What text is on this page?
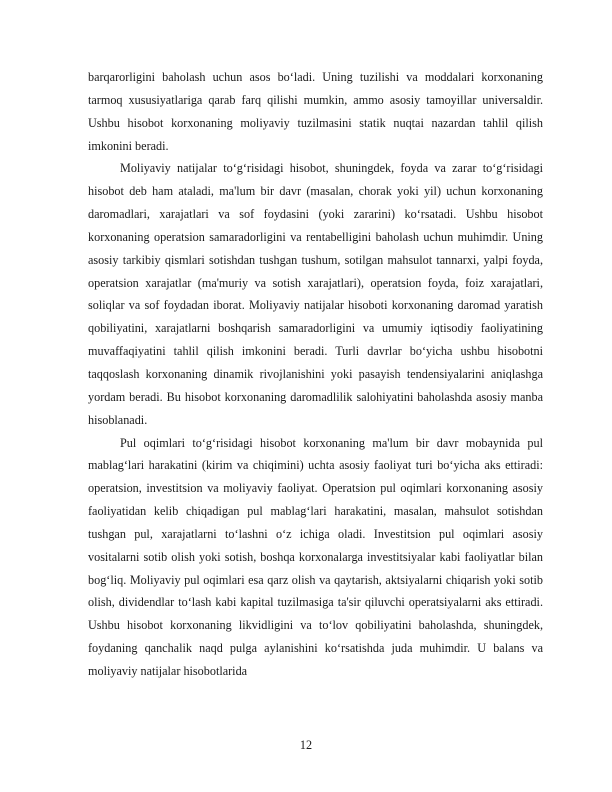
barqarorligini baholash uchun asos bo‘ladi. Uning tuzilishi va moddalari korxonaning tarmoq xususiyatlariga qarab farq qilishi mumkin, ammo asosiy tamoyillar universaldir. Ushbu hisobot korxonaning moliyaviy tuzilmasini statik nuqtai nazardan tahlil qilish imkonini beradi.

Moliyaviy natijalar to‘g‘risidagi hisobot, shuningdek, foyda va zarar to‘g‘risidagi hisobot deb ham ataladi, ma'lum bir davr (masalan, chorak yoki yil) uchun korxonaning daromadlari, xarajatlari va sof foydasini (yoki zararini) ko‘rsatadi. Ushbu hisobot korxonaning operatsion samaradorligini va rentabelligini baholash uchun muhimdir. Uning asosiy tarkibiy qismlari sotishdan tushgan tushum, sotilgan mahsulot tannarxi, yalpi foyda, operatsion xarajatlar (ma'muriy va sotish xarajatlari), operatsion foyda, foiz xarajatlari, soliqlar va sof foydadan iborat. Moliyaviy natijalar hisoboti korxonaning daromad yaratish qobiliyatini, xarajatlarni boshqarish samaradorligini va umumiy iqtisodiy faoliyatining muvaffaqiyatini tahlil qilish imkonini beradi. Turli davrlar bo‘yicha ushbu hisobotni taqqoslash korxonaning dinamik rivojlanishini yoki pasayish tendensiyalarini aniqlashga yordam beradi. Bu hisobot korxonaning daromadlilik salohiyatini baholashda asosiy manba hisoblanadi.

Pul oqimlari to‘g‘risidagi hisobot korxonaning ma'lum bir davr mobaynida pul mablag‘lari harakatini (kirim va chiqimini) uchta asosiy faoliyat turi bo‘yicha aks ettiradi: operatsion, investitsion va moliyaviy faoliyat. Operatsion pul oqimlari korxonaning asosiy faoliyatidan kelib chiqadigan pul mablag‘lari harakatini, masalan, mahsulot sotishdan tushgan pul, xarajatlarni to‘lashni o‘z ichiga oladi. Investitsion pul oqimlari asosiy vositalarni sotib olish yoki sotish, boshqa korxonalarga investitsiyalar kabi faoliyatlar bilan bog‘liq. Moliyaviy pul oqimlari esa qarz olish va qaytarish, aktsiyalarni chiqarish yoki sotib olish, dividendlar to‘lash kabi kapital tuzilmasiga ta'sir qiluvchi operatsiyalarni aks ettiradi. Ushbu hisobot korxonaning likvidligini va to‘lov qobiliyatini baholashda, shuningdek, foydaning qanchalik naqd pulga aylanishini ko‘rsatishda juda muhimdir. U balans va moliyaviy natijalar hisobotlarida

12
